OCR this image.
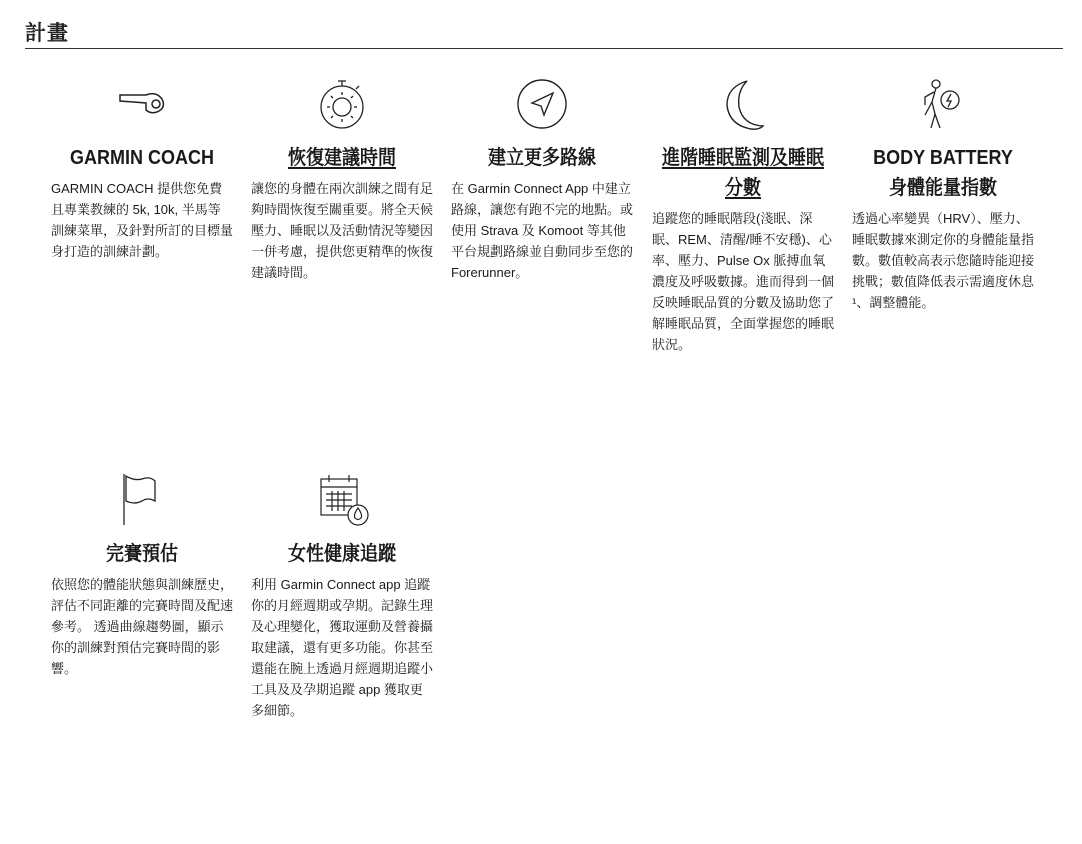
計畫
GARMIN COACH
GARMIN COACH 提供您免費且專業教練的 5k, 10k, 半馬等訓練菜單，及針對所訂的目標量身打造的訓練計劃。
恢復建議時間
讓您的身體在兩次訓練之間有足夠時間恢復至關重要。將全天候壓力、睡眠以及活動情況等變因一併考慮，提供您更精準的恢復建議時間。
建立更多路線
在 Garmin Connect App 中建立路線，讓您有跑不完的地點。或使用 Strava 及 Komoot 等其他平台規劃路線並自動同步至您的 Forerunner。
進階睡眠監測及睡眠分數
追蹤您的睡眠階段(淺眠、深眠、REM、清醒/睡不安穩)、心率、壓力、Pulse Ox 脈搏血氧濃度及呼吸數據。進而得到一個反映睡眠品質的分數及協助您了解睡眠品質，全面掌握您的睡眠狀況。
BODY BATTERY
身體能量指數
透過心率變異（HRV）、壓力、睡眠數據來測定你的身體能量指數。數值較高表示您隨時能迎接挑戰；數值降低表示需適度休息¹、調整體能。
完賽預估
依照您的體能狀態與訓練歷史，評估不同距離的完賽時間及配速參考。 透過曲線趨勢圖，顯示你的訓練對預估完賽時間的影響。
女性健康追蹤
利用 Garmin Connect app 追蹤你的月經週期或孕期。記錄生理及心理變化，獲取運動及營養攝取建議，還有更多功能。你甚至還能在腕上透過月經週期追蹤小工具及及孕期追蹤 app 獲取更多細節。
